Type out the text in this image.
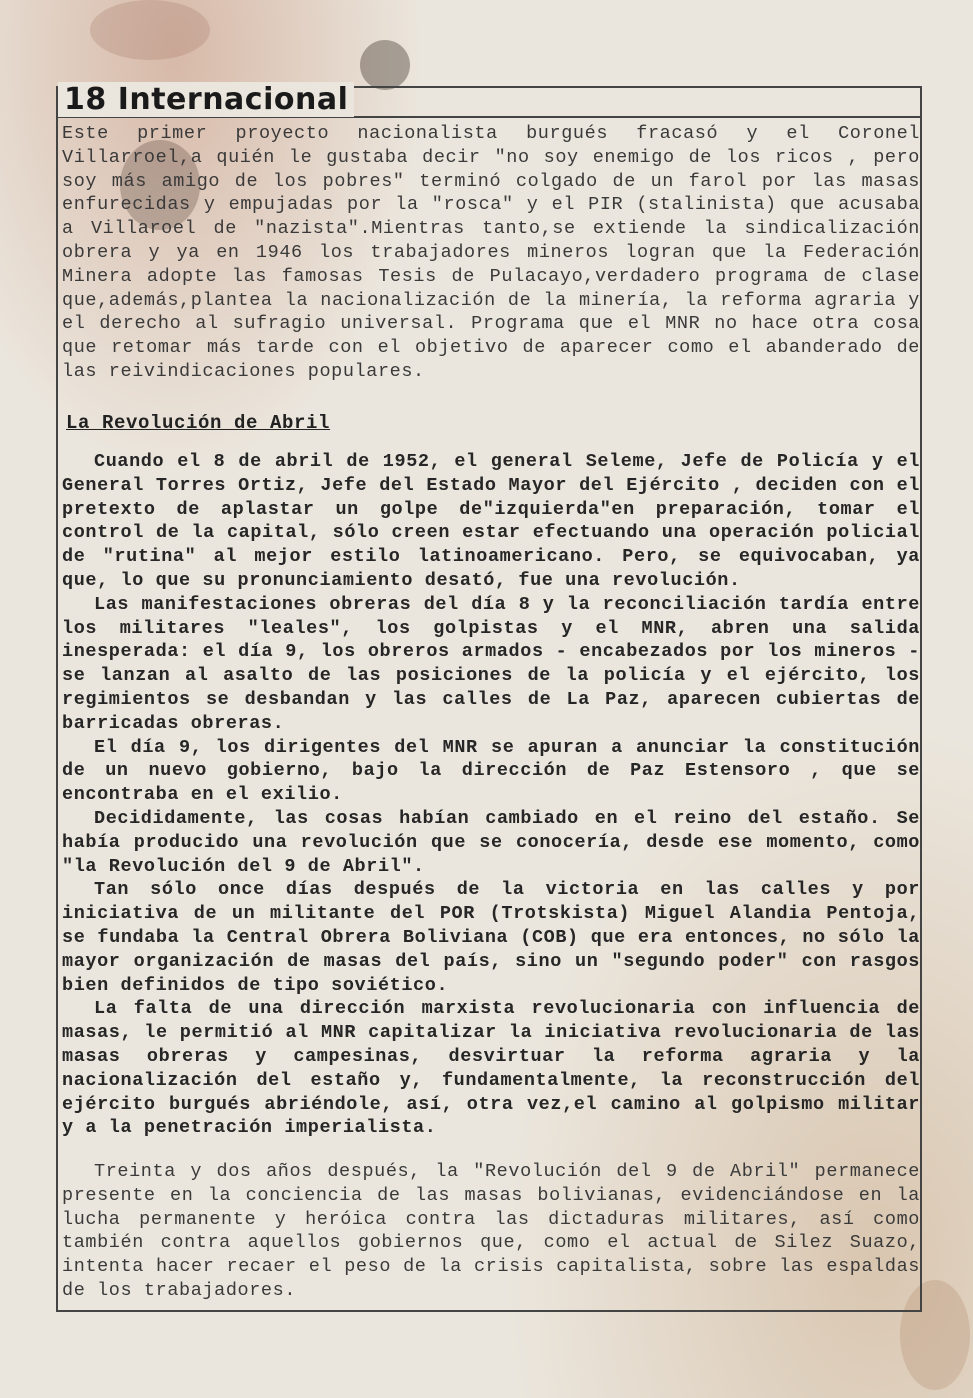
18 Internacional
Este primer proyecto nacionalista burgués fracasó y el Coronel Villarroel,a quién le gustaba decir "no soy enemigo de los ricos , pero soy más amigo de los pobres" terminó colgado de un farol por las masas enfurecidas y empujadas por la "rosca" y el PIR (stalinista) que acusaba a Villaroel de "nazista".Mientras tanto,se extiende la sindicalización obrera y ya en 1946 los trabajadores mineros logran que la Federación Minera adopte las famosas Tesis de Pulacayo,verdadero programa de clase que,además,plantea la nacionalización de la minería, la reforma agraria y el derecho al sufragio universal. Programa que el MNR no hace otra cosa que retomar más tarde con el objetivo de aparecer como el abanderado de las reivindicaciones populares.
La Revolución de Abril

Cuando el 8 de abril de 1952, el general Seleme, Jefe de Policía y el General Torres Ortiz, Jefe del Estado Mayor del Ejército , deciden con el pretexto de aplastar un golpe de"izquierda"en preparación, tomar el control de la capital, sólo creen estar efectuando una operación policial de "rutina" al mejor estilo latinoamericano. Pero, se equivocaban, ya que, lo que su pronunciamiento desató, fue una revolución.

Las manifestaciones obreras del día 8 y la reconciliación tardía entre los militares "leales", los golpistas y el MNR, abren una salida inesperada: el día 9, los obreros armados - encabezados por los mineros - se lanzan al asalto de las posiciones de la policía y el ejército, los regimientos se desbandan y las calles de La Paz, aparecen cubiertas de barricadas obreras.

El día 9, los dirigentes del MNR se apuran a anunciar la constitución de un nuevo gobierno, bajo la dirección de Paz Estensoro , que se encontraba en el exilio.

Decididamente, las cosas habían cambiado en el reino del estaño. Se había producido una revolución que se conocería, desde ese momento, como "la Revolución del 9 de Abril".

Tan sólo once días después de la victoria en las calles y por iniciativa de un militante del POR (Trotskista) Miguel Alandia Pentoja, se fundaba la Central Obrera Boliviana (COB) que era entonces, no sólo la mayor organización de masas del país, sino un "segundo poder" con rasgos bien definidos de tipo soviético.

La falta de una dirección marxista revolucionaria con influencia de masas, le permitió al MNR capitalizar la iniciativa revolucionaria de las masas obreras y campesinas, desvirtuar la reforma agraria y la nacionalización del estaño y, fundamentalmente, la reconstrucción del ejército burgués abriéndole, así, otra vez,el camino al golpismo militar y a la penetración imperialista.

Treinta y dos años después, la "Revolución del 9 de Abril" permanece presente en la conciencia de las masas bolivianas, evidenciándose en la lucha permanente y heróica contra las dictaduras militares, así como también contra aquellos gobiernos que, como el actual de Silez Suazo, intenta hacer recaer el peso de la crisis capitalista, sobre las espaldas de los trabajadores.
